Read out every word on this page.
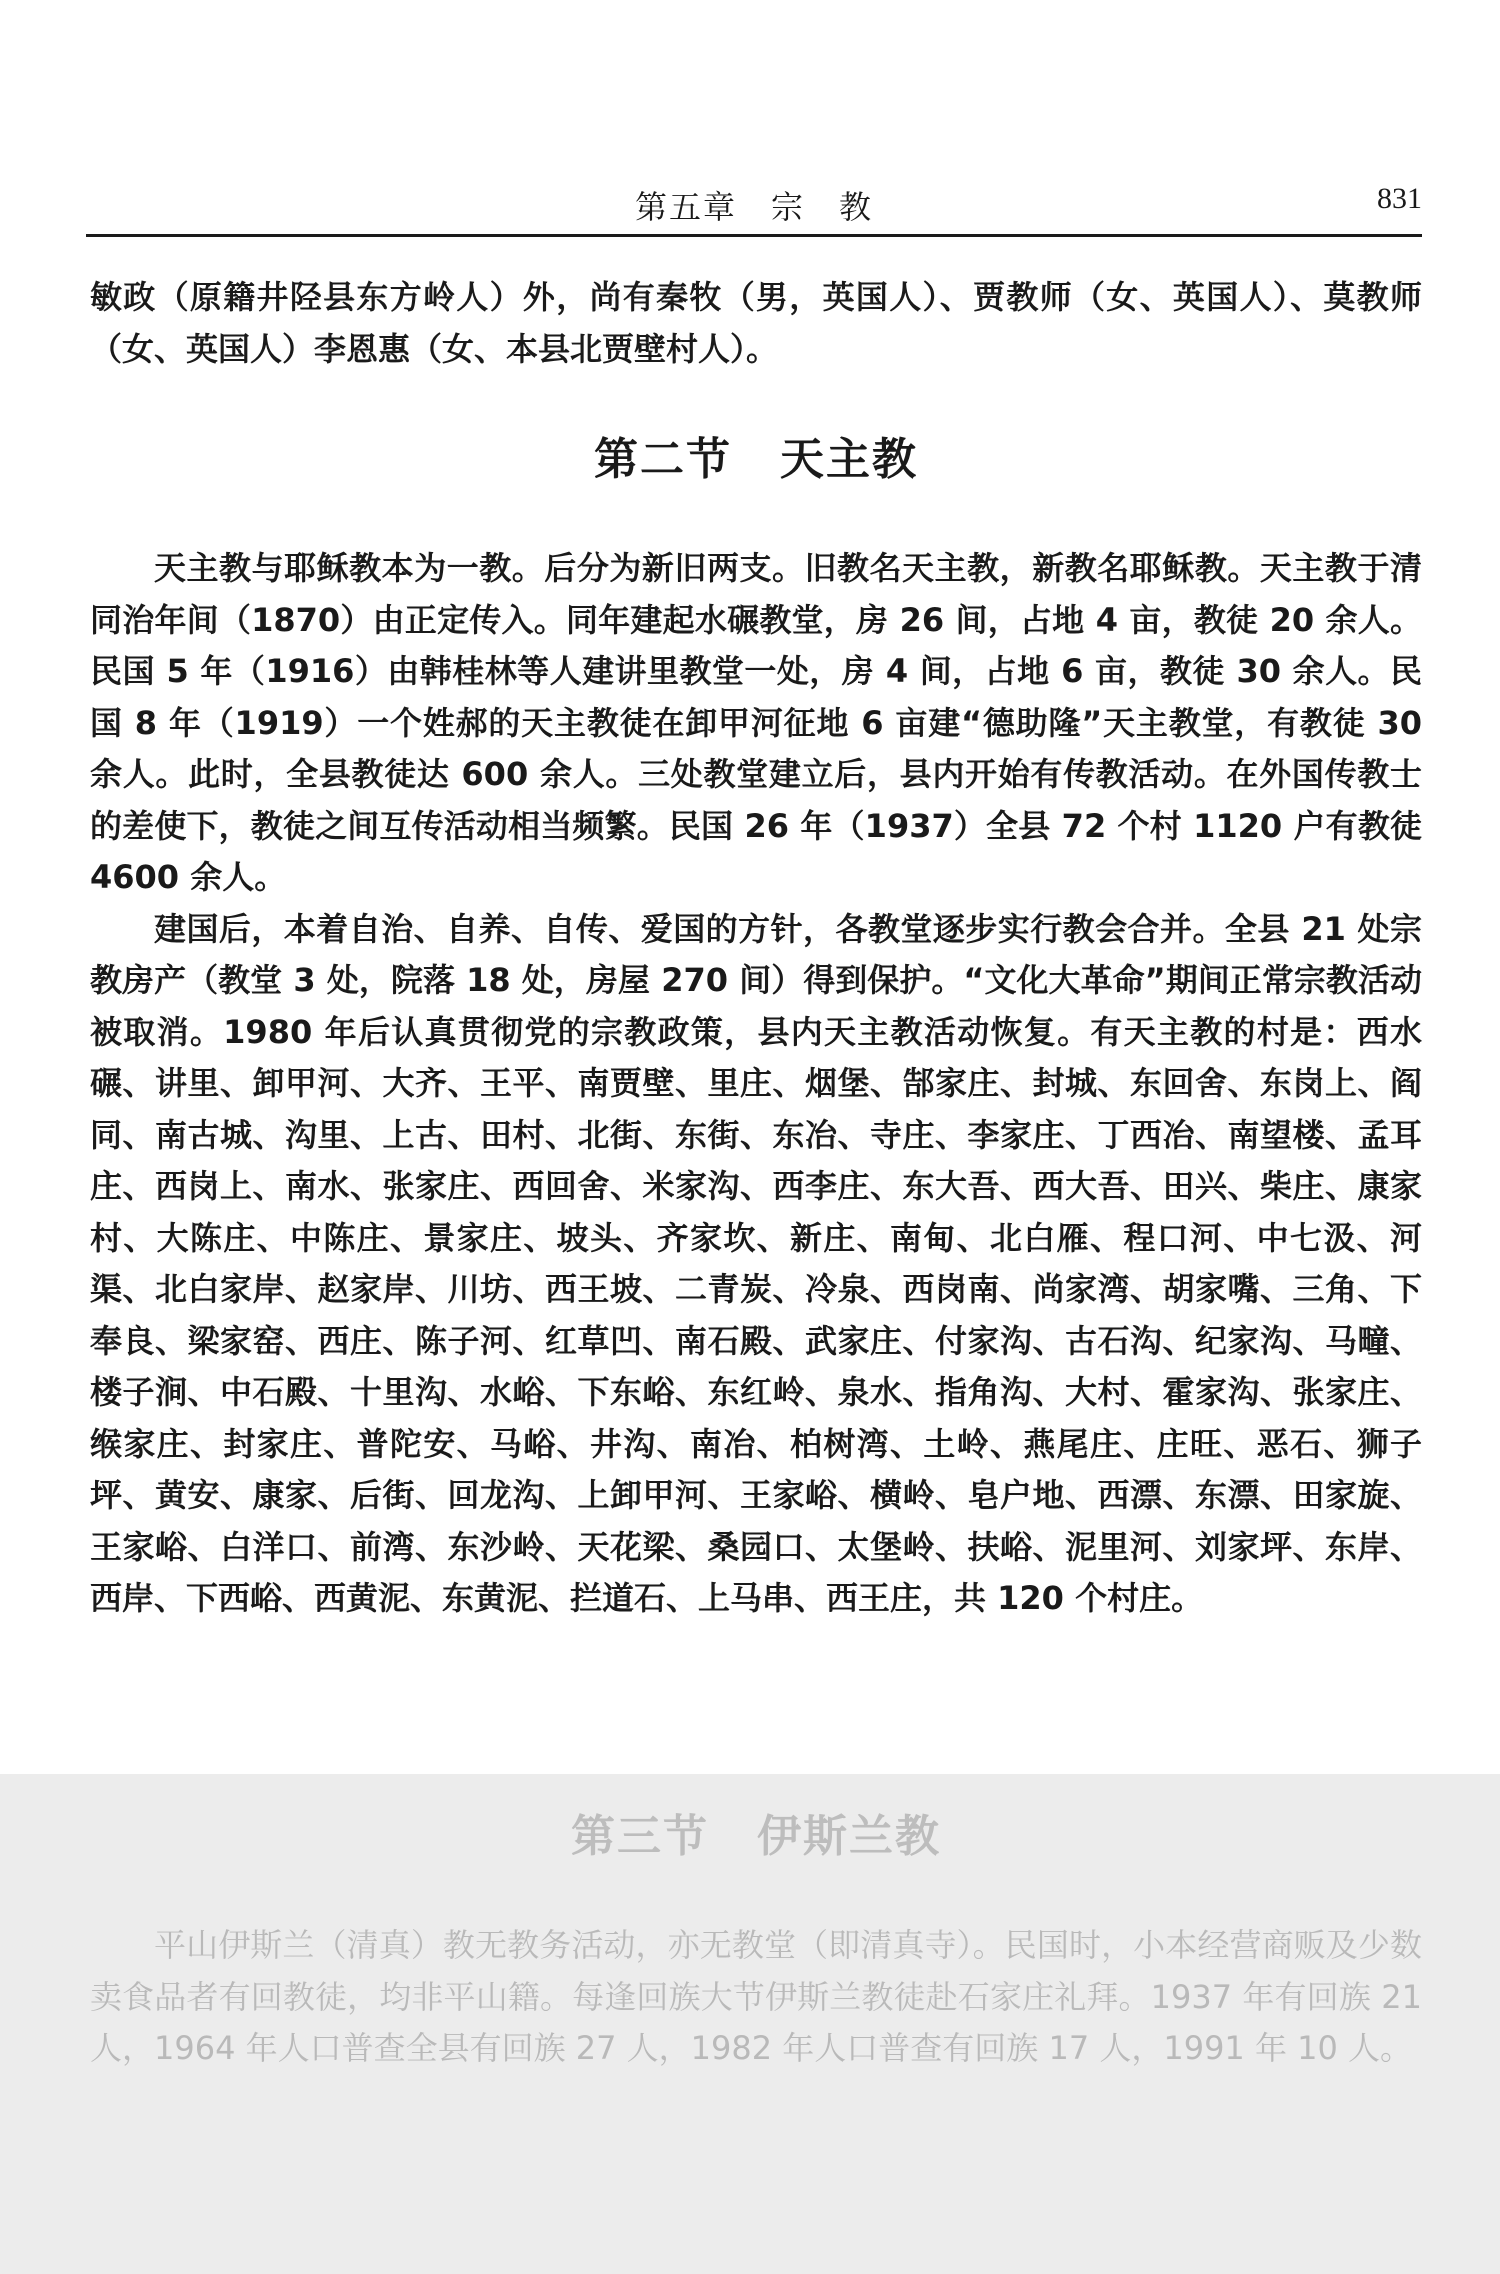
第五章　宗　教	831

敏政（原籍井陉县东方岭人）外，尚有秦牧（男，英国人）、贾教师（女、英国人）、莫教师（女、英国人）李恩惠（女、本县北贾壁村人）。

第二节 天主教

天主教与耶稣教本为一教。后分为新旧两支。旧教名天主教，新教名耶稣教。天主教于清同治年间（1870）由正定传入。同年建起水碾教堂，房 26 间，占地 4 亩，教徒 20 余人。民国 5 年（1916）由韩桂林等人建讲里教堂一处，房 4 间，占地 6 亩，教徒 30 余人。民国 8 年（1919）一个姓郝的天主教徒在卸甲河征地 6 亩建“德助隆”天主教堂，有教徒 30 余人。此时，全县教徒达 600 余人。三处教堂建立后，县内开始有传教活动。在外国传教士的差使下，教徒之间互传活动相当频繁。民国 26 年（1937）全县 72 个村 1120 户有教徒 4600 余人。

建国后，本着自治、自养、自传、爱国的方针，各教堂逐步实行教会合并。全县 21 处宗教房产（教堂 3 处，院落 18 处，房屋 270 间）得到保护。“文化大革命”期间正常宗教活动被取消。1980 年后认真贯彻党的宗教政策，县内天主教活动恢复。有天主教的村是：西水碾、讲里、卸甲河、大齐、王平、南贾壁、里庄、烟堡、郜家庄、封城、东回舍、东岗上、阎同、南古城、沟里、上古、田村、北街、东街、东冶、寺庄、李家庄、丁西冶、南望楼、孟耳庄、西岗上、南水、张家庄、西回舍、米家沟、西李庄、东大吾、西大吾、田兴、柴庄、康家村、大陈庄、中陈庄、景家庄、坡头、齐家坎、新庄、南甸、北白雁、程口河、中七汲、河渠、北白家岸、赵家岸、川坊、西王坡、二青炭、冷泉、西岗南、尚家湾、胡家嘴、三角、下奉良、梁家窑、西庄、陈子河、红草凹、南石殿、武家庄、付家沟、古石沟、纪家沟、马疃、楼子涧、中石殿、十里沟、水峪、下东峪、东红岭、泉水、指角沟、大村、霍家沟、张家庄、缑家庄、封家庄、普陀安、马峪、井沟、南冶、柏树湾、土岭、燕尾庄、庄旺、恶石、狮子坪、黄安、康家、后街、回龙沟、上卸甲河、王家峪、横岭、皂户地、西漂、东漂、田家旋、王家峪、白洋口、前湾、东沙岭、天花梁、桑园口、太堡岭、扶峪、泥里河、刘家坪、东岸、西岸、下西峪、西黄泥、东黄泥、拦道石、上马串、西王庄，共 120 个村庄。

第三节 伊斯兰教

平山伊斯兰（清真）教无教务活动，亦无教堂（即清真寺）。民国时，小本经营商贩及少数卖食品者有回教徒，均非平山籍。每逢回族大节伊斯兰教徒赴石家庄礼拜。1937 年有回族 21 人，1964 年人口普查全县有回族 27 人，1982 年人口普查有回族 17 人，1991 年 10 人。
